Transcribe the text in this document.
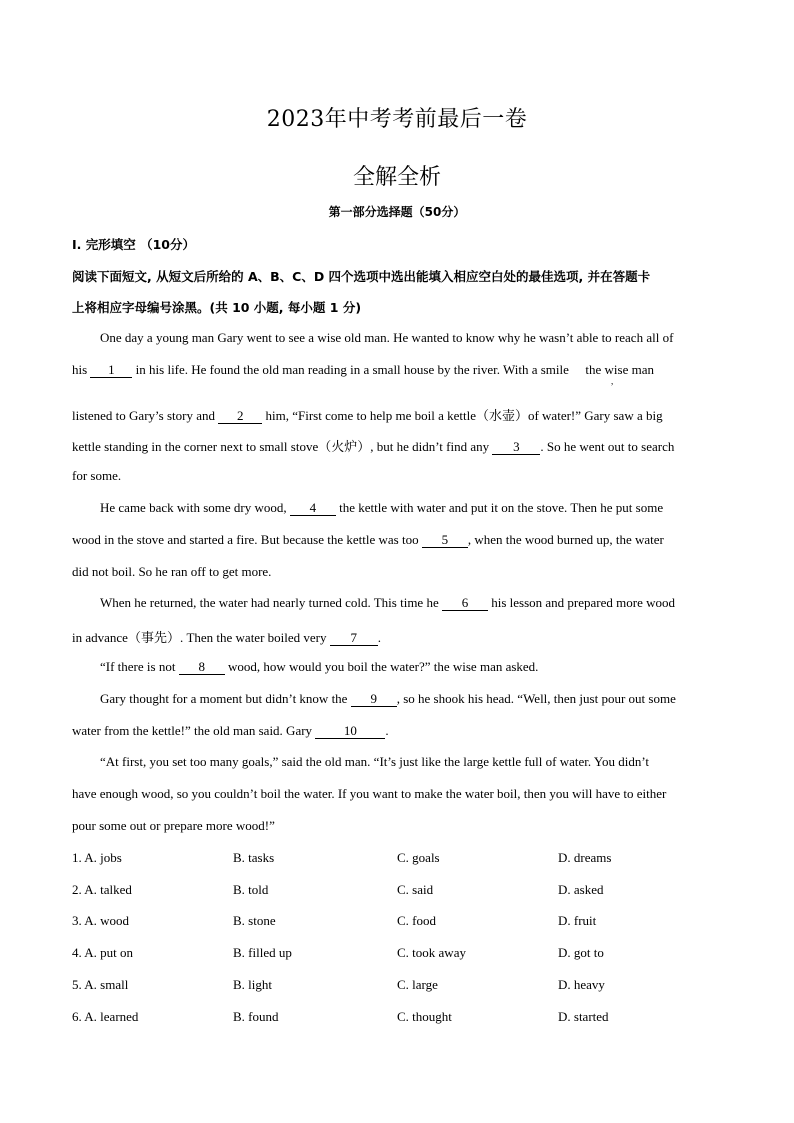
2023年中考考前最后一卷
全解全析
第一部分选择题（50分）
I. 完形填空 （10分）
阅读下面短文, 从短文后所给的 A、B、C、D 四个选项中选出能填入相应空白处的最佳选项, 并在答题卡
上将相应字母编号涂黑。(共 10 小题, 每小题 1 分)
One day a young man Gary went to see a wise old man. He wanted to know why he wasn’t able to reach all of
his 1 in his life. He found the old man reading in a small house by the river. With a smile the wise man
,
listened to Gary’s story and 2 him, “First come to help me boil a kettle（水壶）of water!” Gary saw a big
kettle standing in the corner next to small stove（火炉）, but he didn’t find any 3 . So he went out to search
for some.
He came back with some dry wood, 4 the kettle with water and put it on the stove. Then he put some
wood in the stove and started a fire. But because the kettle was too 5 , when the wood burned up, the water
did not boil. So he ran off to get more.
When he returned, the water had nearly turned cold. This time he 6 his lesson and prepared more wood
in advance（事先）. Then the water boiled very 7 .
“If there is not 8 wood, how would you boil the water?” the wise man asked.
Gary thought for a moment but didn’t know the 9 , so he shook his head. “Well, then just pour out some
water from the kettle!” the old man said. Gary 10 .
“At first, you set too many goals,” said the old man. “It’s just like the large kettle full of water. You didn’t
have enough wood, so you couldn’t boil the water. If you want to make the water boil, then you will have to either
pour some out or prepare more wood!”
1. A. jobs	B. tasks	C. goals	D. dreams
2. A. talked	B. told	C. said	D. asked
3. A. wood	B. stone	C. food	D. fruit
4. A. put on	B. filled up	C. took away	D. got to
5. A. small	B. light	C. large	D. heavy
6. A. learned	B. found	C. thought	D. started
